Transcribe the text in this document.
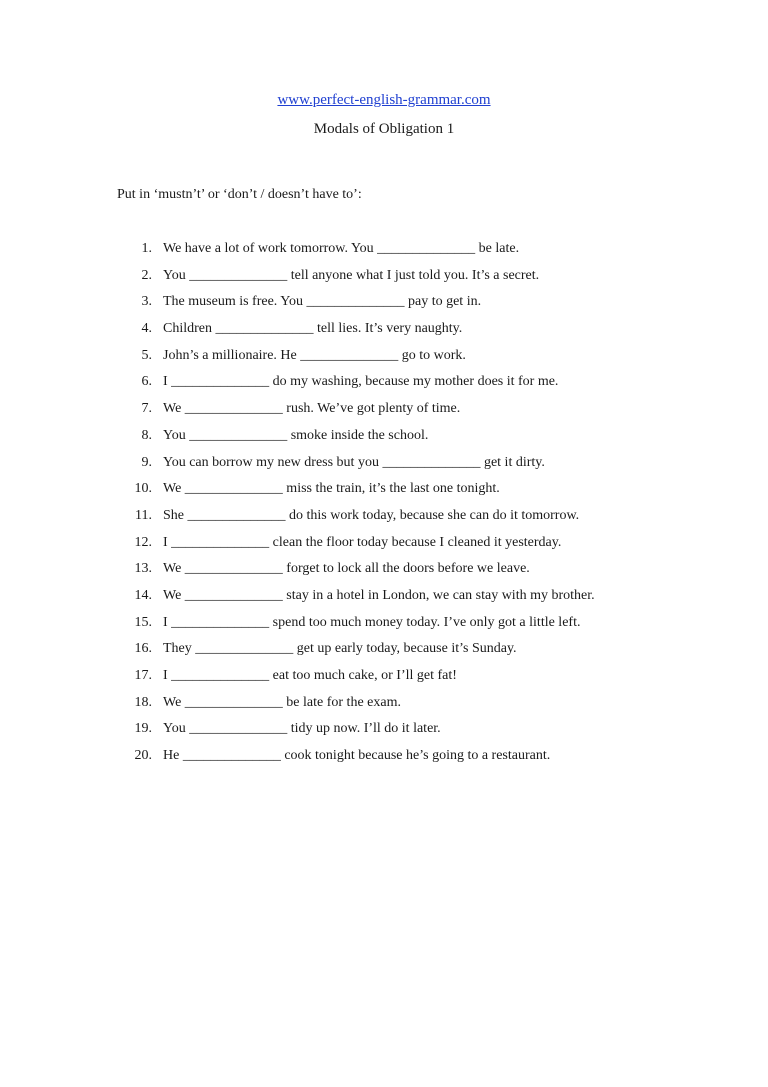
www.perfect-english-grammar.com
Modals of Obligation 1

Put in ‘mustn’t’ or ‘don’t / doesn’t have to’:

1. We have a lot of work tomorrow. You ______________ be late.
2. You ______________ tell anyone what I just told you. It’s a secret.
3. The museum is free. You ______________ pay to get in.
4. Children ______________ tell lies. It’s very naughty.
5. John’s a millionaire. He ______________ go to work.
6. I ______________ do my washing, because my mother does it for me.
7. We ______________ rush. We’ve got plenty of time.
8. You ______________ smoke inside the school.
9. You can borrow my new dress but you ______________ get it dirty.
10. We ______________ miss the train, it’s the last one tonight.
11. She ______________ do this work today, because she can do it tomorrow.
12. I ______________ clean the floor today because I cleaned it yesterday.
13. We ______________ forget to lock all the doors before we leave.
14. We ______________ stay in a hotel in London, we can stay with my brother.
15. I ______________ spend too much money today. I’ve only got a little left.
16. They ______________ get up early today, because it’s Sunday.
17. I ______________ eat too much cake, or I’ll get fat!
18. We ______________ be late for the exam.
19. You ______________ tidy up now. I’ll do it later.
20. He ______________ cook tonight because he’s going to a restaurant.
